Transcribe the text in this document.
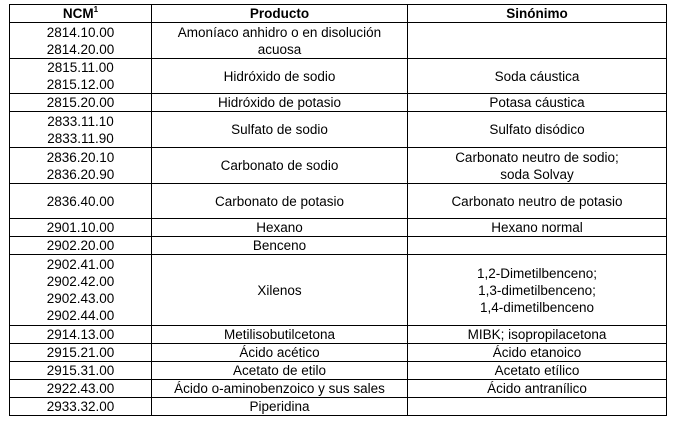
NCM$^1$	Producto	Sinónimo

2814.10.00
2814.20.00	Amoníaco anhidro o en disolución acuosa	

2815.11.00
2815.12.00	Hidróxido de sodio	Soda cáustica

2815.20.00	Hidróxido de potasio	Potasa cáustica

2833.11.10
2833.11.90	Sulfato de sodio	Sulfato disódico

2836.20.10
2836.20.90	Carbonato de sodio	Carbonato neutro de sodio;
soda Solvay

2836.40.00	Carbonato de potasio	Carbonato neutro de potasio

2901.10.00	Hexano	Hexano normal

2902.20.00	Benceno	

2902.41.00
2902.42.00
2902.43.00
2902.44.00	Xilenos	1,2-Dimetilbenceno;
1,3-dimetilbenceno;
1,4-dimetilbenceno

2914.13.00	Metilisobutilcetona	MIBK; isopropilacetona

2915.21.00	Ácido acético	Ácido etanoico

2915.31.00	Acetato de etilo	Acetato etílico

2922.43.00	Ácido o-aminobenzoico y sus sales	Ácido antranílico

2933.32.00	Piperidina	
